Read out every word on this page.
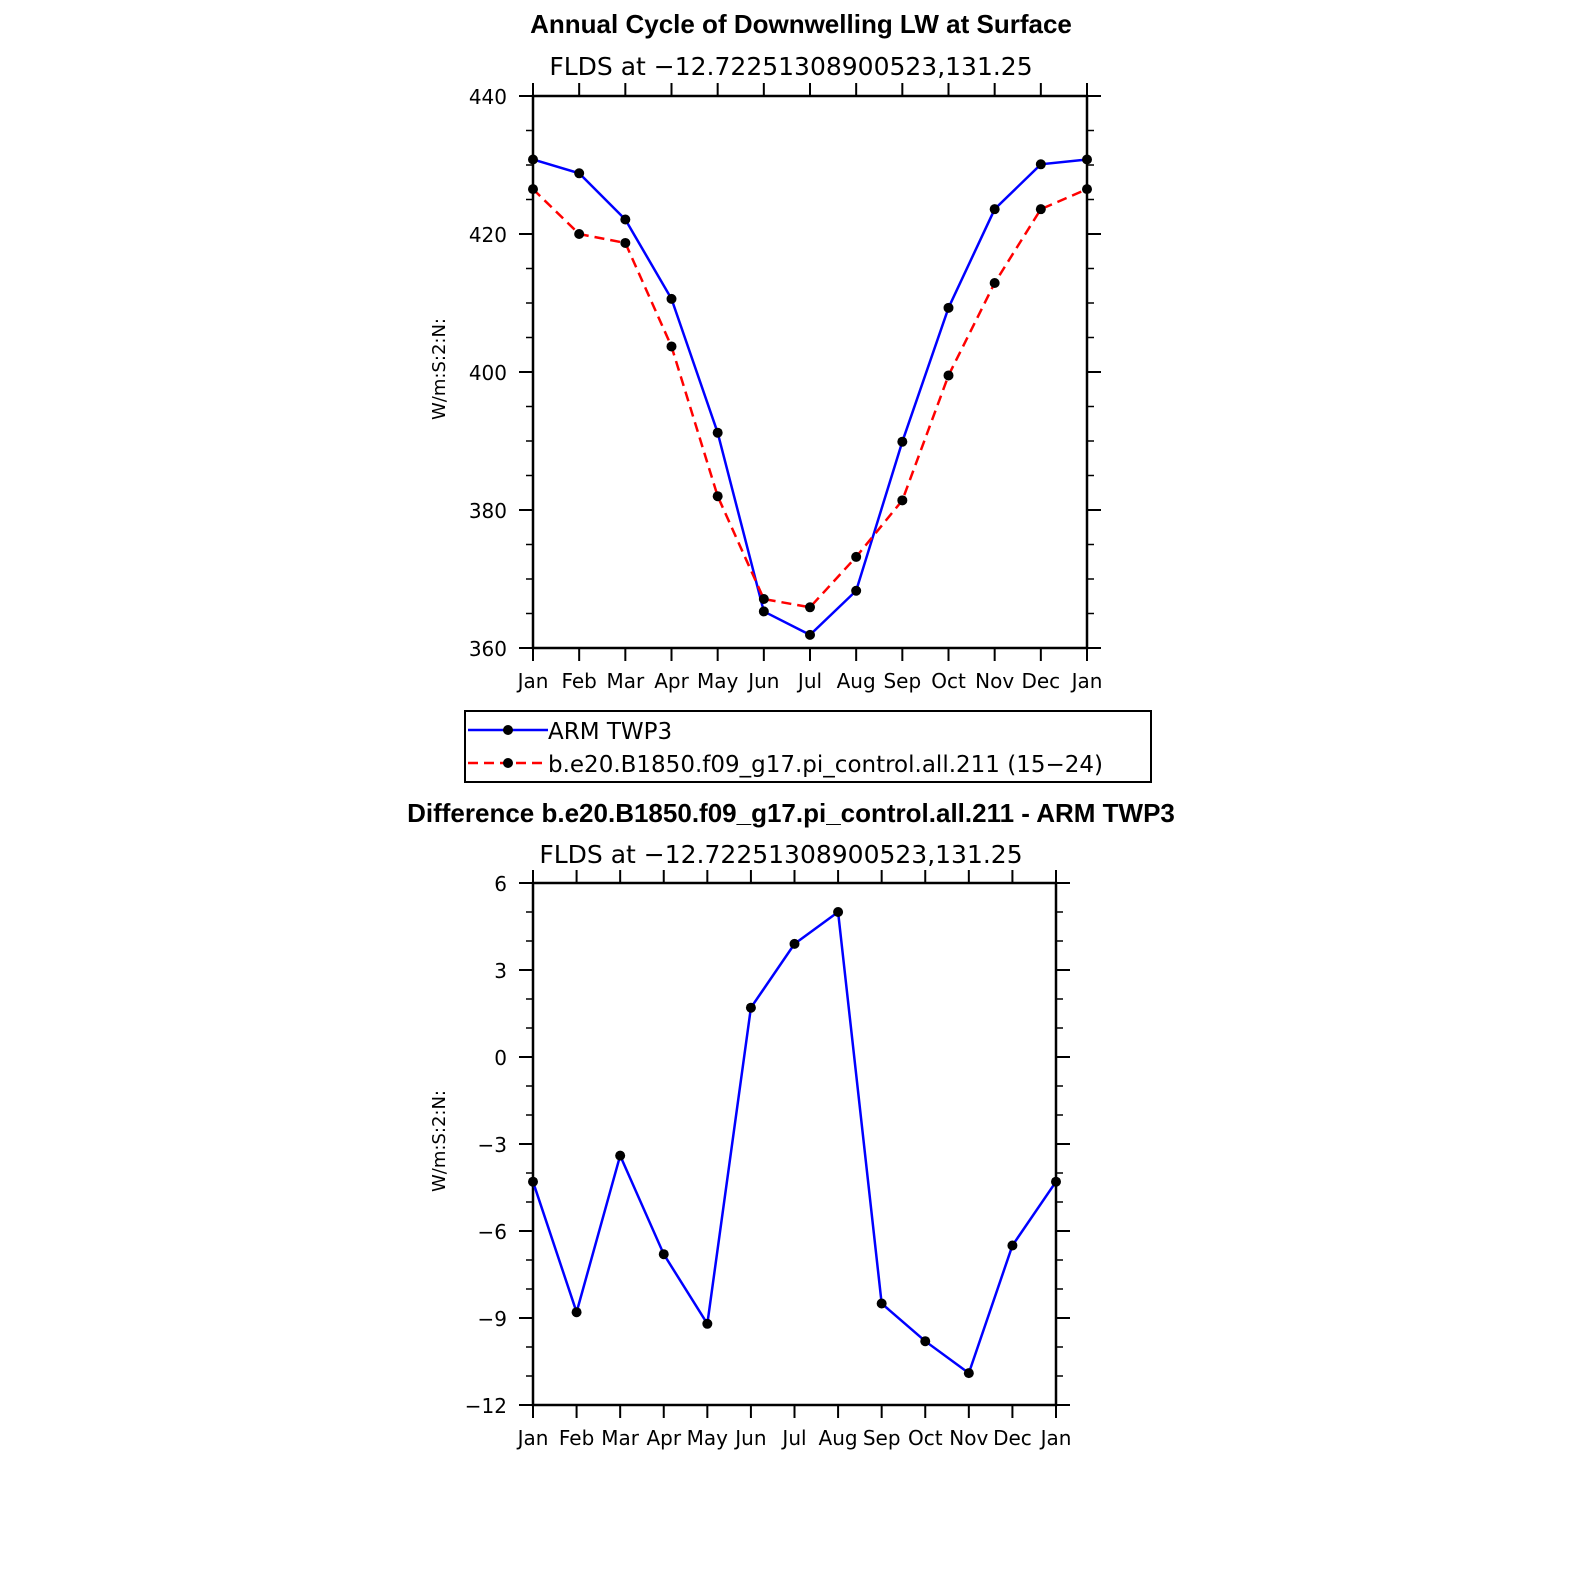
Annual Cycle of Downwelling LW at Surface
FLDS at −12.72251308900523,131.25
W/m:S:2:N:
Jan Feb Mar Apr May Jun Jul Aug Sep Oct Nov Dec Jan
360
380
400
420
440
ARM TWP3
b.e20.B1850.f09_g17.pi_control.all.211 (15−24)
Difference b.e20.B1850.f09_g17.pi_control.all.211 - ARM TWP3
FLDS at −12.72251308900523,131.25
W/m:S:2:N:
Jan Feb Mar Apr May Jun Jul Aug Sep Oct Nov Dec Jan
−12
−9
−6
−3
0
3
6
